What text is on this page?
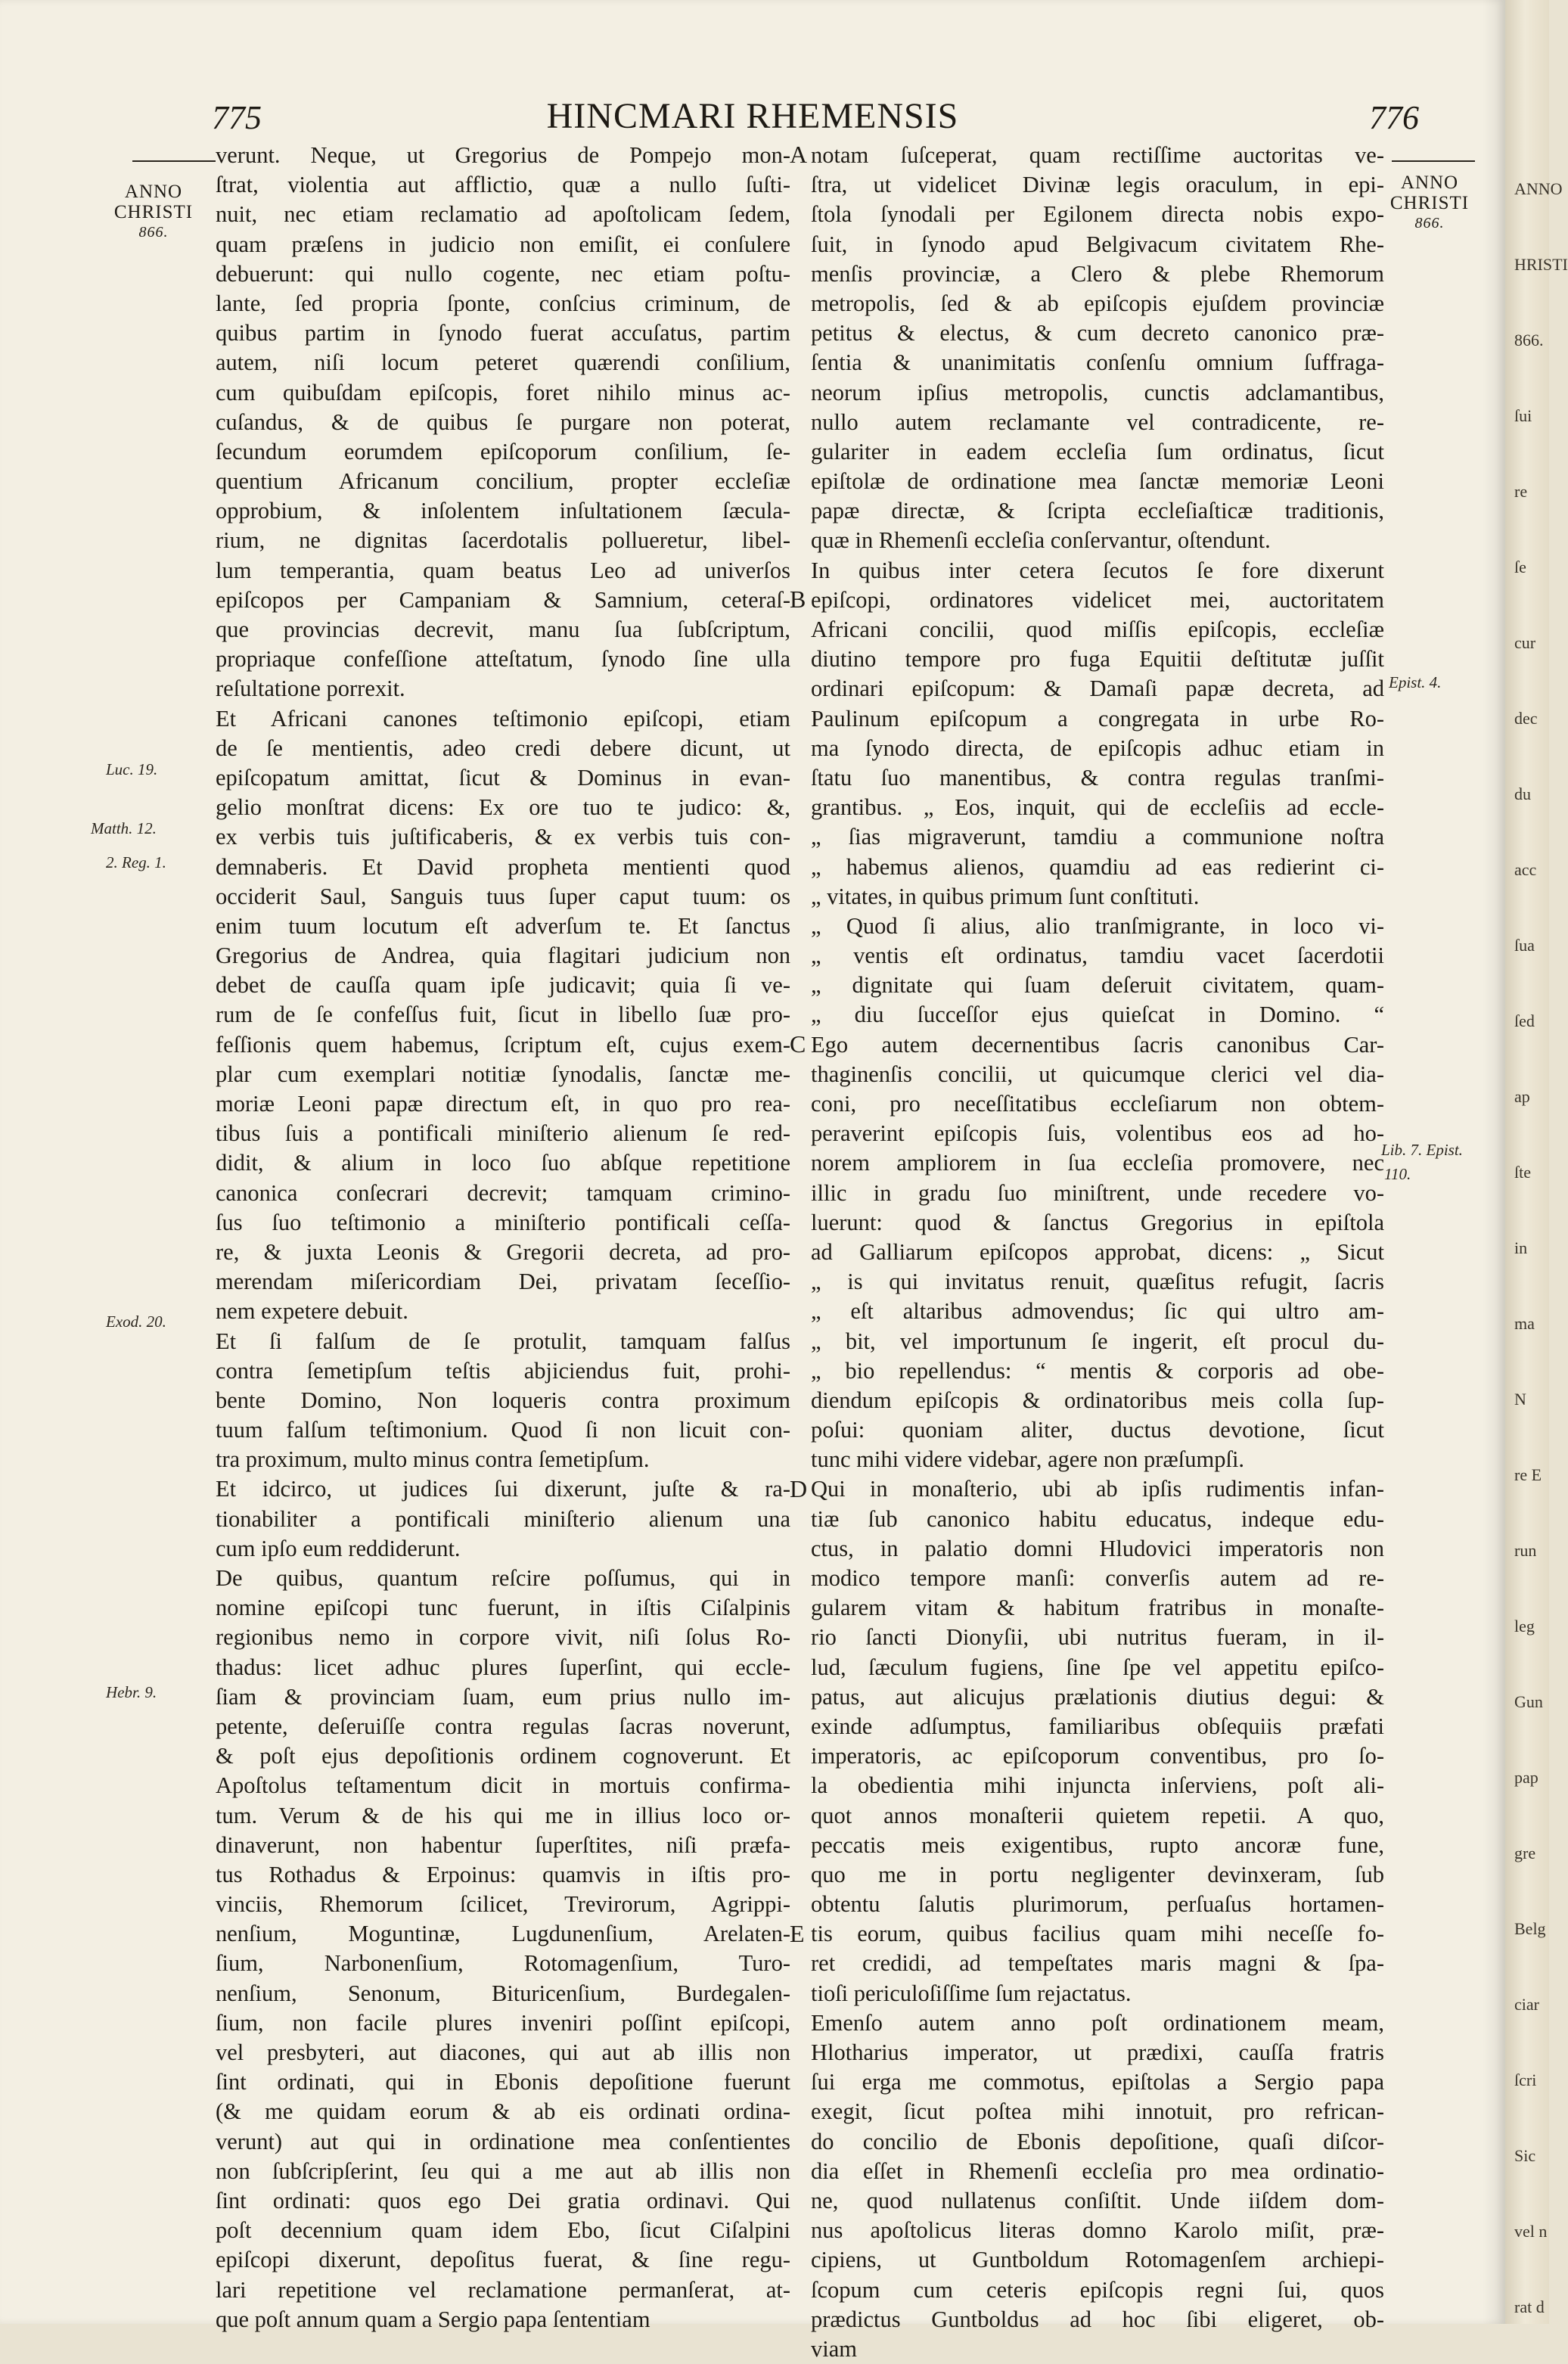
775	HINCMARI RHEMENSIS	776
ANNO
CHRISTI
866.
ANNO
CHRISTI
866.
Luc. 19.
Matth. 12.
2. Reg. 1.
Exod. 20.
Hebr. 9.
Epist. 4.
Lib. 7. Epist.
110.
A
B
C
D
E
verunt. Neque, ut Gregorius de Pompejo mon-
ſtrat, violentia aut afflictio, quæ a nullo ſuſti-
nuit, nec etiam reclamatio ad apoſtolicam ſedem,
quam præſens in judicio non emiſit, ei conſulere
debuerunt: qui nullo cogente, nec etiam poſtu-
lante, ſed propria ſponte, conſcius criminum, de
quibus partim in ſynodo fuerat accuſatus, partim
autem, niſi locum peteret quærendi conſilium,
cum quibuſdam epiſcopis, foret nihilo minus ac-
cuſandus, & de quibus ſe purgare non poterat,
ſecundum eorumdem epiſcoporum conſilium, ſe-
quentium Africanum concilium, propter eccleſiæ
opprobium, & inſolentem inſultationem ſæcula-
rium, ne dignitas ſacerdotalis pollueretur, libel-
lum temperantia, quam beatus Leo ad univerſos
epiſcopos per Campaniam & Samnium, ceteraſ-
que provincias decrevit, manu ſua ſubſcriptum,
propriaque confeſſione atteſtatum, ſynodo ſine ulla
reſultatione porrexit.
Et Africani canones teſtimonio epiſcopi, etiam
de ſe mentientis, adeo credi debere dicunt, ut
epiſcopatum amittat, ſicut & Dominus in evan-
gelio monſtrat dicens: Ex ore tuo te judico: &,
ex verbis tuis juſtificaberis, & ex verbis tuis con-
demnaberis. Et David propheta mentienti quod
occiderit Saul, Sanguis tuus ſuper caput tuum: os
enim tuum locutum eſt adverſum te. Et ſanctus
Gregorius de Andrea, quia flagitari judicium non
debet de cauſſa quam ipſe judicavit; quia ſi ve-
rum de ſe confeſſus fuit, ſicut in libello ſuæ pro-
feſſionis quem habemus, ſcriptum eſt, cujus exem-
plar cum exemplari notitiæ ſynodalis, ſanctæ me-
moriæ Leoni papæ directum eſt, in quo pro rea-
tibus ſuis a pontificali miniſterio alienum ſe red-
didit, & alium in loco ſuo abſque repetitione
canonica conſecrari decrevit; tamquam crimino-
ſus ſuo teſtimonio a miniſterio pontificali ceſſa-
re, & juxta Leonis & Gregorii decreta, ad pro-
merendam miſericordiam Dei, privatam ſeceſſio-
nem expetere debuit.
Et ſi falſum de ſe protulit, tamquam falſus
contra ſemetipſum teſtis abjiciendus fuit, prohi-
bente Domino, Non loqueris contra proximum
tuum falſum teſtimonium. Quod ſi non licuit con-
tra proximum, multo minus contra ſemetipſum.
Et idcirco, ut judices ſui dixerunt, juſte & ra-
tionabiliter a pontificali miniſterio alienum una
cum ipſo eum reddiderunt.
De quibus, quantum reſcire poſſumus, qui in
nomine epiſcopi tunc fuerunt, in iſtis Ciſalpinis
regionibus nemo in corpore vivit, niſi ſolus Ro-
thadus: licet adhuc plures ſuperſint, qui eccle-
ſiam & provinciam ſuam, eum prius nullo im-
petente, deſeruiſſe contra regulas ſacras noverunt,
& poſt ejus depoſitionis ordinem cognoverunt. Et
Apoſtolus teſtamentum dicit in mortuis confirma-
tum. Verum & de his qui me in illius loco or-
dinaverunt, non habentur ſuperſtites, niſi præfa-
tus Rothadus & Erpoinus: quamvis in iſtis pro-
vinciis, Rhemorum ſcilicet, Trevirorum, Agrippi-
nenſium, Moguntinæ, Lugdunenſium, Arelaten-
ſium, Narbonenſium, Rotomagenſium, Turo-
nenſium, Senonum, Bituricenſium, Burdegalen-
ſium, non facile plures inveniri poſſint epiſcopi,
vel presbyteri, aut diacones, qui aut ab illis non
ſint ordinati, qui in Ebonis depoſitione fuerunt
(& me quidam eorum & ab eis ordinati ordina-
verunt) aut qui in ordinatione mea conſentientes
non ſubſcripſerint, ſeu qui a me aut ab illis non
ſint ordinati: quos ego Dei gratia ordinavi. Qui
poſt decennium quam idem Ebo, ſicut Ciſalpini
epiſcopi dixerunt, depoſitus fuerat, & ſine regu-
lari repetitione vel reclamatione permanſerat, at-
que poſt annum quam a Sergio papa ſententiam
notam ſuſceperat, quam rectiſſime auctoritas ve-
ſtra, ut videlicet Divinæ legis oraculum, in epi-
ſtola ſynodali per Egilonem directa nobis expo-
ſuit, in ſynodo apud Belgivacum civitatem Rhe-
menſis provinciæ, a Clero & plebe Rhemorum
metropolis, ſed & ab epiſcopis ejuſdem provinciæ
petitus & electus, & cum decreto canonico præ-
ſentia & unanimitatis conſenſu omnium ſuffraga-
neorum ipſius metropolis, cunctis adclamantibus,
nullo autem reclamante vel contradicente, re-
gulariter in eadem eccleſia ſum ordinatus, ſicut
epiſtolæ de ordinatione mea ſanctæ memoriæ Leoni
papæ directæ, & ſcripta eccleſiaſticæ traditionis,
quæ in Rhemenſi eccleſia conſervantur, oſtendunt.
In quibus inter cetera ſecutos ſe fore dixerunt
epiſcopi, ordinatores videlicet mei, auctoritatem
Africani concilii, quod miſſis epiſcopis, eccleſiæ
diutino tempore pro fuga Equitii deſtitutæ juſſit
ordinari epiſcopum: & Damaſi papæ decreta, ad
Paulinum epiſcopum a congregata in urbe Ro-
ma ſynodo directa, de epiſcopis adhuc etiam in
ſtatu ſuo manentibus, & contra regulas tranſmi-
grantibus. „ Eos, inquit, qui de eccleſiis ad eccle-
„ ſias migraverunt, tamdiu a communione noſtra
„ habemus alienos, quamdiu ad eas redierint ci-
„ vitates, in quibus primum ſunt conſtituti.
„ Quod ſi alius, alio tranſmigrante, in loco vi-
„ ventis eſt ordinatus, tamdiu vacet ſacerdotii
„ dignitate qui ſuam deſeruit civitatem, quam-
„ diu ſucceſſor ejus quieſcat in Domino. “
Ego autem decernentibus ſacris canonibus Car-
thaginenſis concilii, ut quicumque clerici vel dia-
coni, pro neceſſitatibus eccleſiarum non obtem-
peraverint epiſcopis ſuis, volentibus eos ad ho-
norem ampliorem in ſua eccleſia promovere, nec
illic in gradu ſuo miniſtrent, unde recedere vo-
luerunt: quod & ſanctus Gregorius in epiſtola
ad Galliarum epiſcopos approbat, dicens: „ Sicut
„ is qui invitatus renuit, quæſitus refugit, ſacris
„ eſt altaribus admovendus; ſic qui ultro am-
„ bit, vel importunum ſe ingerit, eſt procul du-
„ bio repellendus: “ mentis & corporis ad obe-
diendum epiſcopis & ordinatoribus meis colla ſup-
poſui: quoniam aliter, ductus devotione, ſicut
tunc mihi videre videbar, agere non præſumpſi.
Qui in monaſterio, ubi ab ipſis rudimentis infan-
tiæ ſub canonico habitu educatus, indeque edu-
ctus, in palatio domni Hludovici imperatoris non
modico tempore manſi: converſis autem ad re-
gularem vitam & habitum fratribus in monaſte-
rio ſancti Dionyſii, ubi nutritus fueram, in il-
lud, ſæculum fugiens, ſine ſpe vel appetitu epiſco-
patus, aut alicujus prælationis diutius degui: &
exinde adſumptus, familiaribus obſequiis præfati
imperatoris, ac epiſcoporum conventibus, pro ſo-
la obedientia mihi injuncta inſerviens, poſt ali-
quot annos monaſterii quietem repetii. A quo,
peccatis meis exigentibus, rupto ancoræ fune,
quo me in portu negligenter devinxeram, ſub
obtentu ſalutis plurimorum, perſuaſus hortamen-
tis eorum, quibus facilius quam mihi neceſſe fo-
ret credidi, ad tempeſtates maris magni & ſpa-
tioſi periculoſiſſime ſum rejactatus.
Emenſo autem anno poſt ordinationem meam,
Hlotharius imperator, ut prædixi, cauſſa fratris
ſui erga me commotus, epiſtolas a Sergio papa
exegit, ſicut poſtea mihi innotuit, pro refrican-
do concilio de Ebonis depoſitione, quaſi diſcor-
dia eſſet in Rhemenſi eccleſia pro mea ordinatio-
ne, quod nullatenus conſiſtit. Unde iiſdem dom-
nus apoſtolicus literas domno Karolo miſit, præ-
cipiens, ut Guntboldum Rotomagenſem archiepi-
ſcopum cum ceteris epiſcopis regni ſui, quos
prædictus Guntboldus ad hoc ſibi eligeret, ob-
viam
ANNO
HRISTI
866.
ſui
re
ſe
cur
dec
du
acc
ſua
ſed
ap
ſte
in
ma
N
re E
run
leg
Gun
pap
gre
Belg
ciar
ſcri
Sic
vel n
rat d
